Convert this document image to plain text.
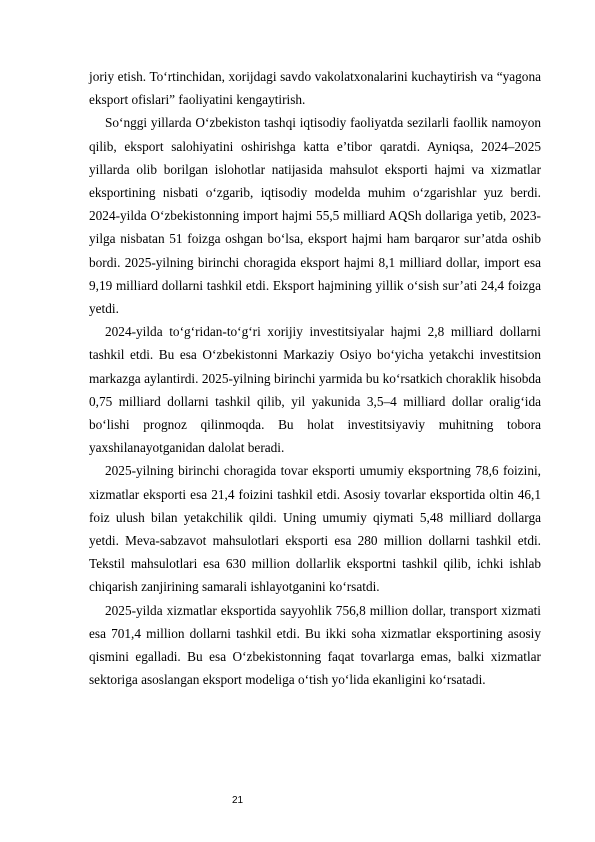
joriy etish. To‘rtinchidan, xorijdagi savdo vakolatxonalarini kuchaytirish va “yagona eksport ofislari” faoliyatini kengaytirish.

So‘nggi yillarda O‘zbekiston tashqi iqtisodiy faoliyatda sezilarli faollik namoyon qilib, eksport salohiyatini oshirishga katta e’tibor qaratdi. Ayniqsa, 2024–2025 yillarda olib borilgan islohotlar natijasida mahsulot eksporti hajmi va xizmatlar eksportining nisbati o‘zgarib, iqtisodiy modelda muhim o‘zgarishlar yuz berdi. 2024-yilda O‘zbekistonning import hajmi 55,5 milliard AQSh dollariga yetib, 2023-yilga nisbatan 51 foizga oshgan bo‘lsa, eksport hajmi ham barqaror sur’atda oshib bordi. 2025-yilning birinchi choragida eksport hajmi 8,1 milliard dollar, import esa 9,19 milliard dollarni tashkil etdi. Eksport hajmining yillik o‘sish sur’ati 24,4 foizga yetdi.

2024-yilda to‘g‘ridan-to‘g‘ri xorijiy investitsiyalar hajmi 2,8 milliard dollarni tashkil etdi. Bu esa O‘zbekistonni Markaziy Osiyo bo‘yicha yetakchi investitsion markazga aylantirdi. 2025-yilning birinchi yarmida bu ko‘rsatkich choraklik hisobda 0,75 milliard dollarni tashkil qilib, yil yakunida 3,5–4 milliard dollar oralig‘ida bo‘lishi prognoz qilinmoqda. Bu holat investitsiyaviy muhitning tobora yaxshilanayotganidan dalolat beradi.

2025-yilning birinchi choragida tovar eksporti umumiy eksportning 78,6 foizini, xizmatlar eksporti esa 21,4 foizini tashkil etdi. Asosiy tovarlar eksportida oltin 46,1 foiz ulush bilan yetakchilik qildi. Uning umumiy qiymati 5,48 milliard dollarga yetdi. Meva-sabzavot mahsulotlari eksporti esa 280 million dollarni tashkil etdi. Tekstil mahsulotlari esa 630 million dollarlik eksportni tashkil qilib, ichki ishlab chiqarish zanjirining samarali ishlayotganini ko‘rsatdi.

2025-yilda xizmatlar eksportida sayyohlik 756,8 million dollar, transport xizmati esa 701,4 million dollarni tashkil etdi. Bu ikki soha xizmatlar eksportining asosiy qismini egalladi. Bu esa O‘zbekistonning faqat tovarlarga emas, balki xizmatlar sektoriga asoslangan eksport modeliga o‘tish yo‘lida ekanligini ko‘rsatadi.

21
